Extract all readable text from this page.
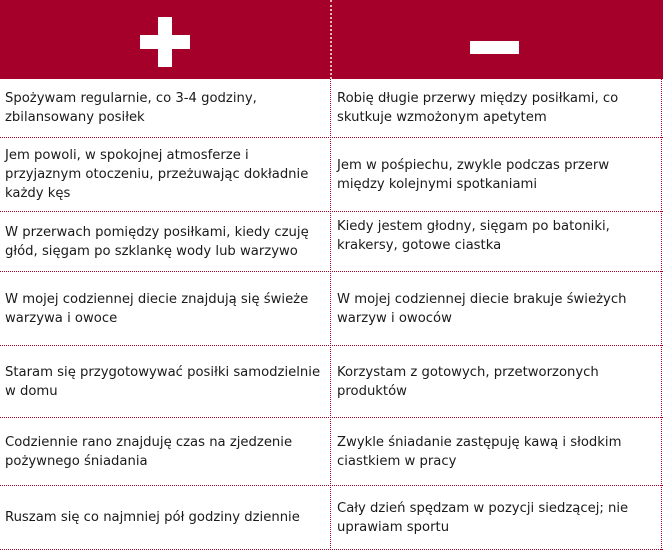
Spożywam regularnie, co 3-4 godziny, zbilansowany posiłek
Robię długie przerwy między posiłkami, co skutkuje wzmożonym apetytem
Jem powoli, w spokojnej atmosferze i przyjaznym otoczeniu, przeżuwając dokładnie każdy kęs
Jem w pośpiechu, zwykle podczas przerw między kolejnymi spotkaniami
W przerwach pomiędzy posiłkami, kiedy czuję głód, sięgam po szklankę wody lub warzywo
Kiedy jestem głodny, sięgam po batoniki, krakersy, gotowe ciastka
W mojej codziennej diecie znajdują się świeże warzywa i owoce
W mojej codziennej diecie brakuje świeżych warzyw i owoców
Staram się przygotowywać posiłki samodzielnie w domu
Korzystam z gotowych, przetworzonych produktów
Codziennie rano znajduję czas na zjedzenie pożywnego śniadania
Zwykle śniadanie zastępuję kawą i słodkim ciastkiem w pracy
Ruszam się co najmniej pół godziny dziennie
Cały dzień spędzam w pozycji siedzącej; nie uprawiam sportu
